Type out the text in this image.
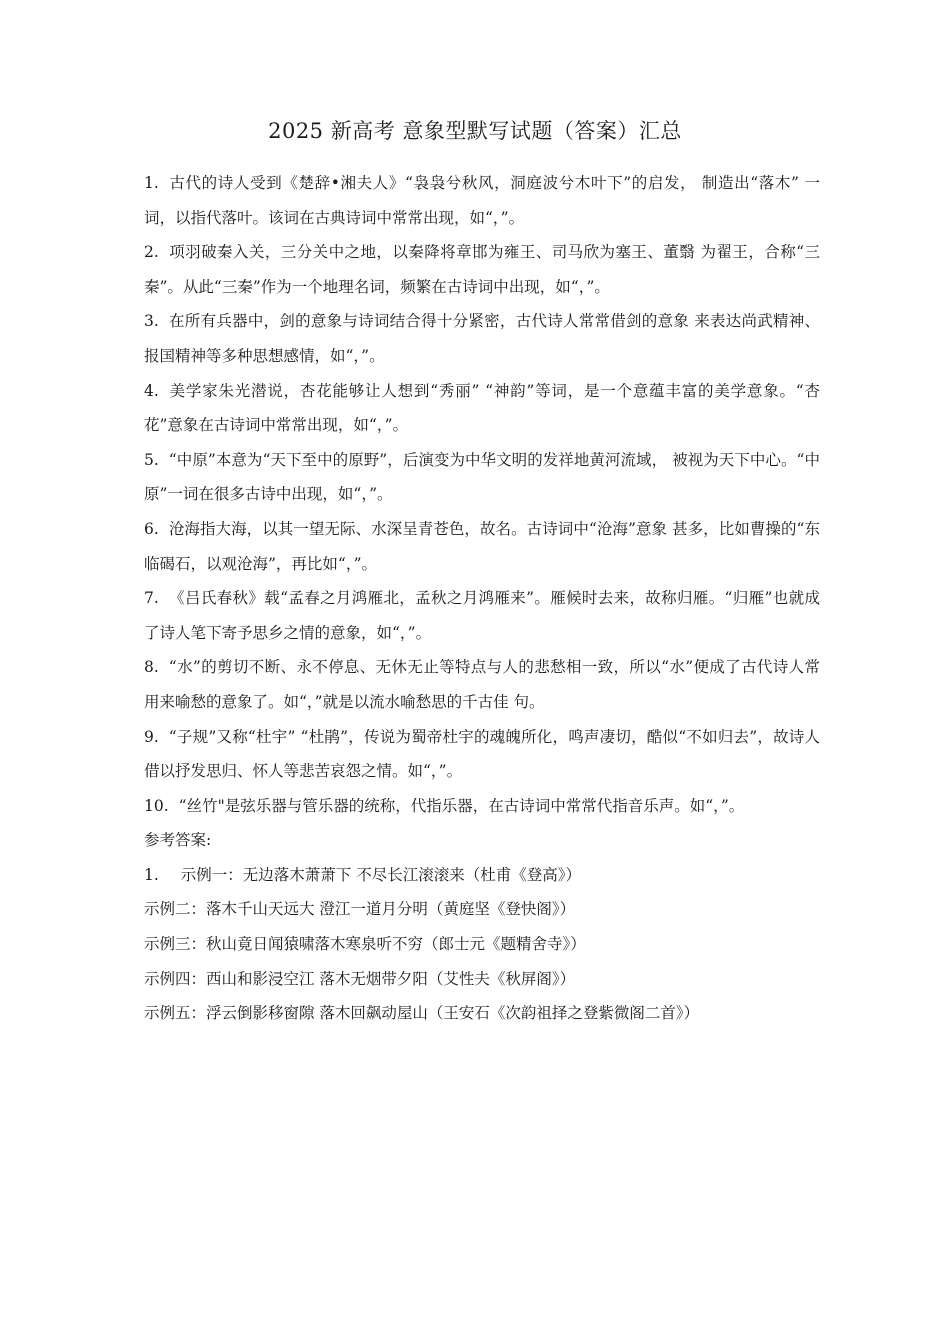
2025 新高考 意象型默写试题（答案）汇总
1. 古代的诗人受到《楚辞•湘夫人》“袅袅兮秋风，洞庭波兮木叶下”的启发， 制造出“落木” 一词，以指代落叶。该词在古典诗词中常常出现，如“，”。
2. 项羽破秦入关，三分关中之地，以秦降将章邯为雍王、司马欣为塞王、董翳 为翟王，合称“三秦”。从此“三秦”作为一个地理名词，频繁在古诗词中出现，如“，”。
3. 在所有兵器中，剑的意象与诗词结合得十分紧密，古代诗人常常借剑的意象 来表达尚武精神、报国精神等多种思想感情，如“，”。
4. 美学家朱光潜说，杏花能够让人想到“秀丽” “神韵”等词，是一个意蕴丰富的美学意象。“杏花”意象在古诗词中常常出现，如“，”。
5. “中原”本意为“天下至中的原野”，后演变为中华文明的发祥地黄河流域， 被视为天下中心。“中原”一词在很多古诗中出现，如“，”。
6. 沧海指大海，以其一望无际、水深呈青苍色，故名。古诗词中“沧海”意象 甚多，比如曹操的“东临碣石，以观沧海”，再比如“，”。
7. 《吕氏春秋》载“孟春之月鸿雁北，孟秋之月鸿雁来”。雁候时去来，故称归雁。“归雁”也就成了诗人笔下寄予思乡之情的意象，如“，”。
8. “水”的剪切不断、永不停息、无休无止等特点与人的悲愁相一致，所以“水”便成了古代诗人常用来喻愁的意象了。如“，”就是以流水喻愁思的千古佳 句。
9. “子规”又称“杜宇” “杜鹃”，传说为蜀帝杜宇的魂魄所化，鸣声凄切，酷似“不如归去”，故诗人借以抒发思归、怀人等悲苦哀怨之情。如“，”。
10. “丝竹"是弦乐器与管乐器的统称，代指乐器，在古诗词中常常代指音乐声。如“，”。
参考答案:
1. 示例一：无边落木萧萧下 不尽长江滚滚来（杜甫《登高》）
示例二：落木千山天远大 澄江一道月分明（黄庭坚《登快阁》）
示例三：秋山竟日闻猿啸落木寒泉听不穷（郎士元《题精舍寺》）
示例四：西山和影浸空江 落木无烟带夕阳（艾性夫《秋屏阁》）
示例五：浮云倒影移窗隙 落木回飙动屋山（王安石《次韵祖择之登紫微阁二首》）
